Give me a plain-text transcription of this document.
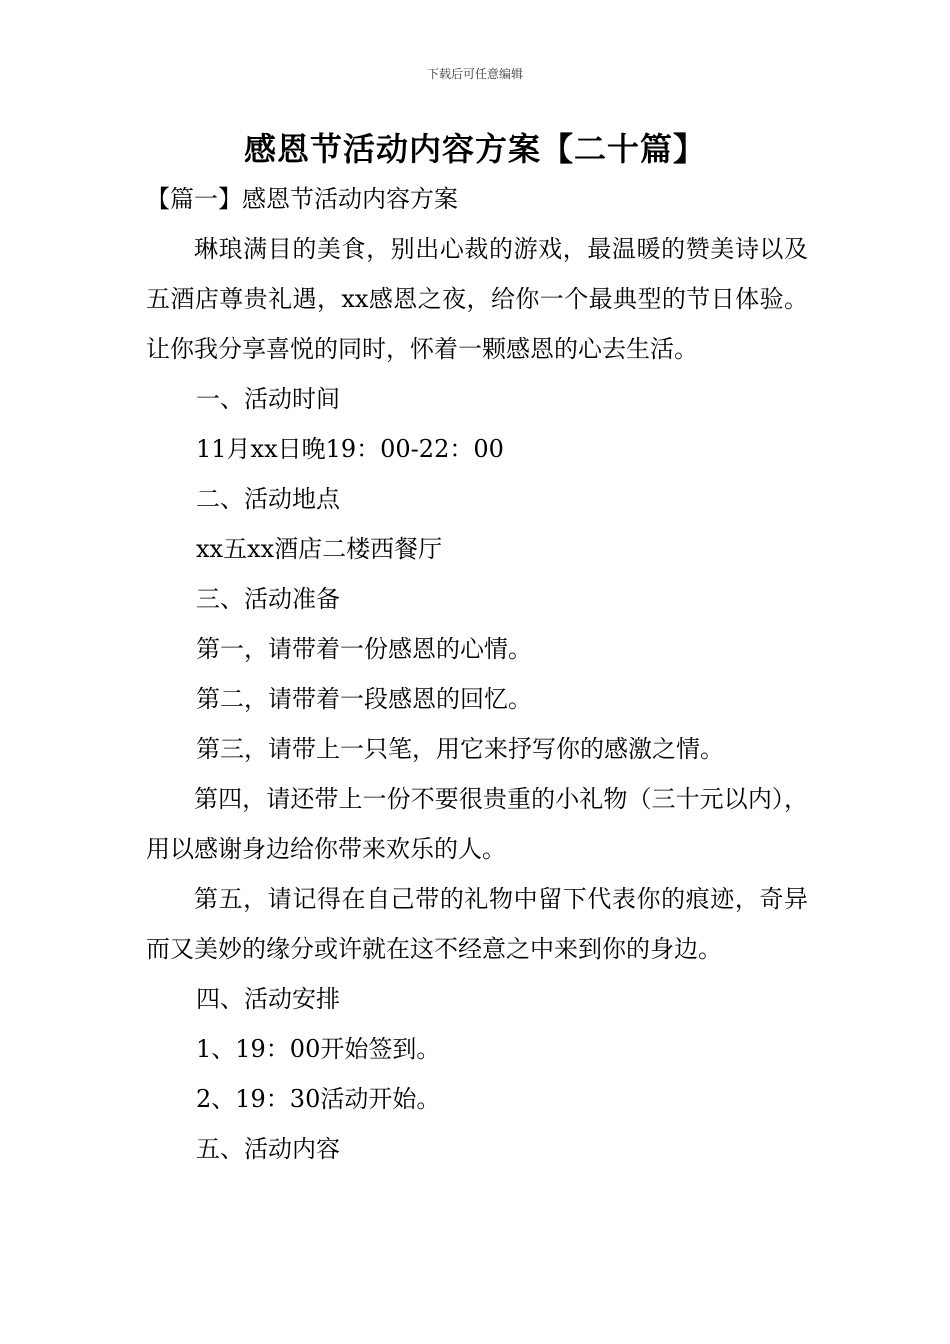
下载后可任意编辑
感恩节活动内容方案【二十篇】

【篇一】感恩节活动内容方案

琳琅满目的美食，别出心裁的游戏，最温暖的赞美诗以及五酒店尊贵礼遇，xx感恩之夜，给你一个最典型的节日体验。让你我分享喜悦的同时，怀着一颗感恩的心去生活。

一、活动时间

11月xx日晚19：00-22：00

二、活动地点

xx五xx酒店二楼西餐厅

三、活动准备

第一，请带着一份感恩的心情。

第二，请带着一段感恩的回忆。

第三，请带上一只笔，用它来抒写你的感激之情。

第四，请还带上一份不要很贵重的小礼物（三十元以内），用以感谢身边给你带来欢乐的人。

第五，请记得在自己带的礼物中留下代表你的痕迹，奇异而又美妙的缘分或许就在这不经意之中来到你的身边。

四、活动安排

1、19：00开始签到。

2、19：30活动开始。

五、活动内容
